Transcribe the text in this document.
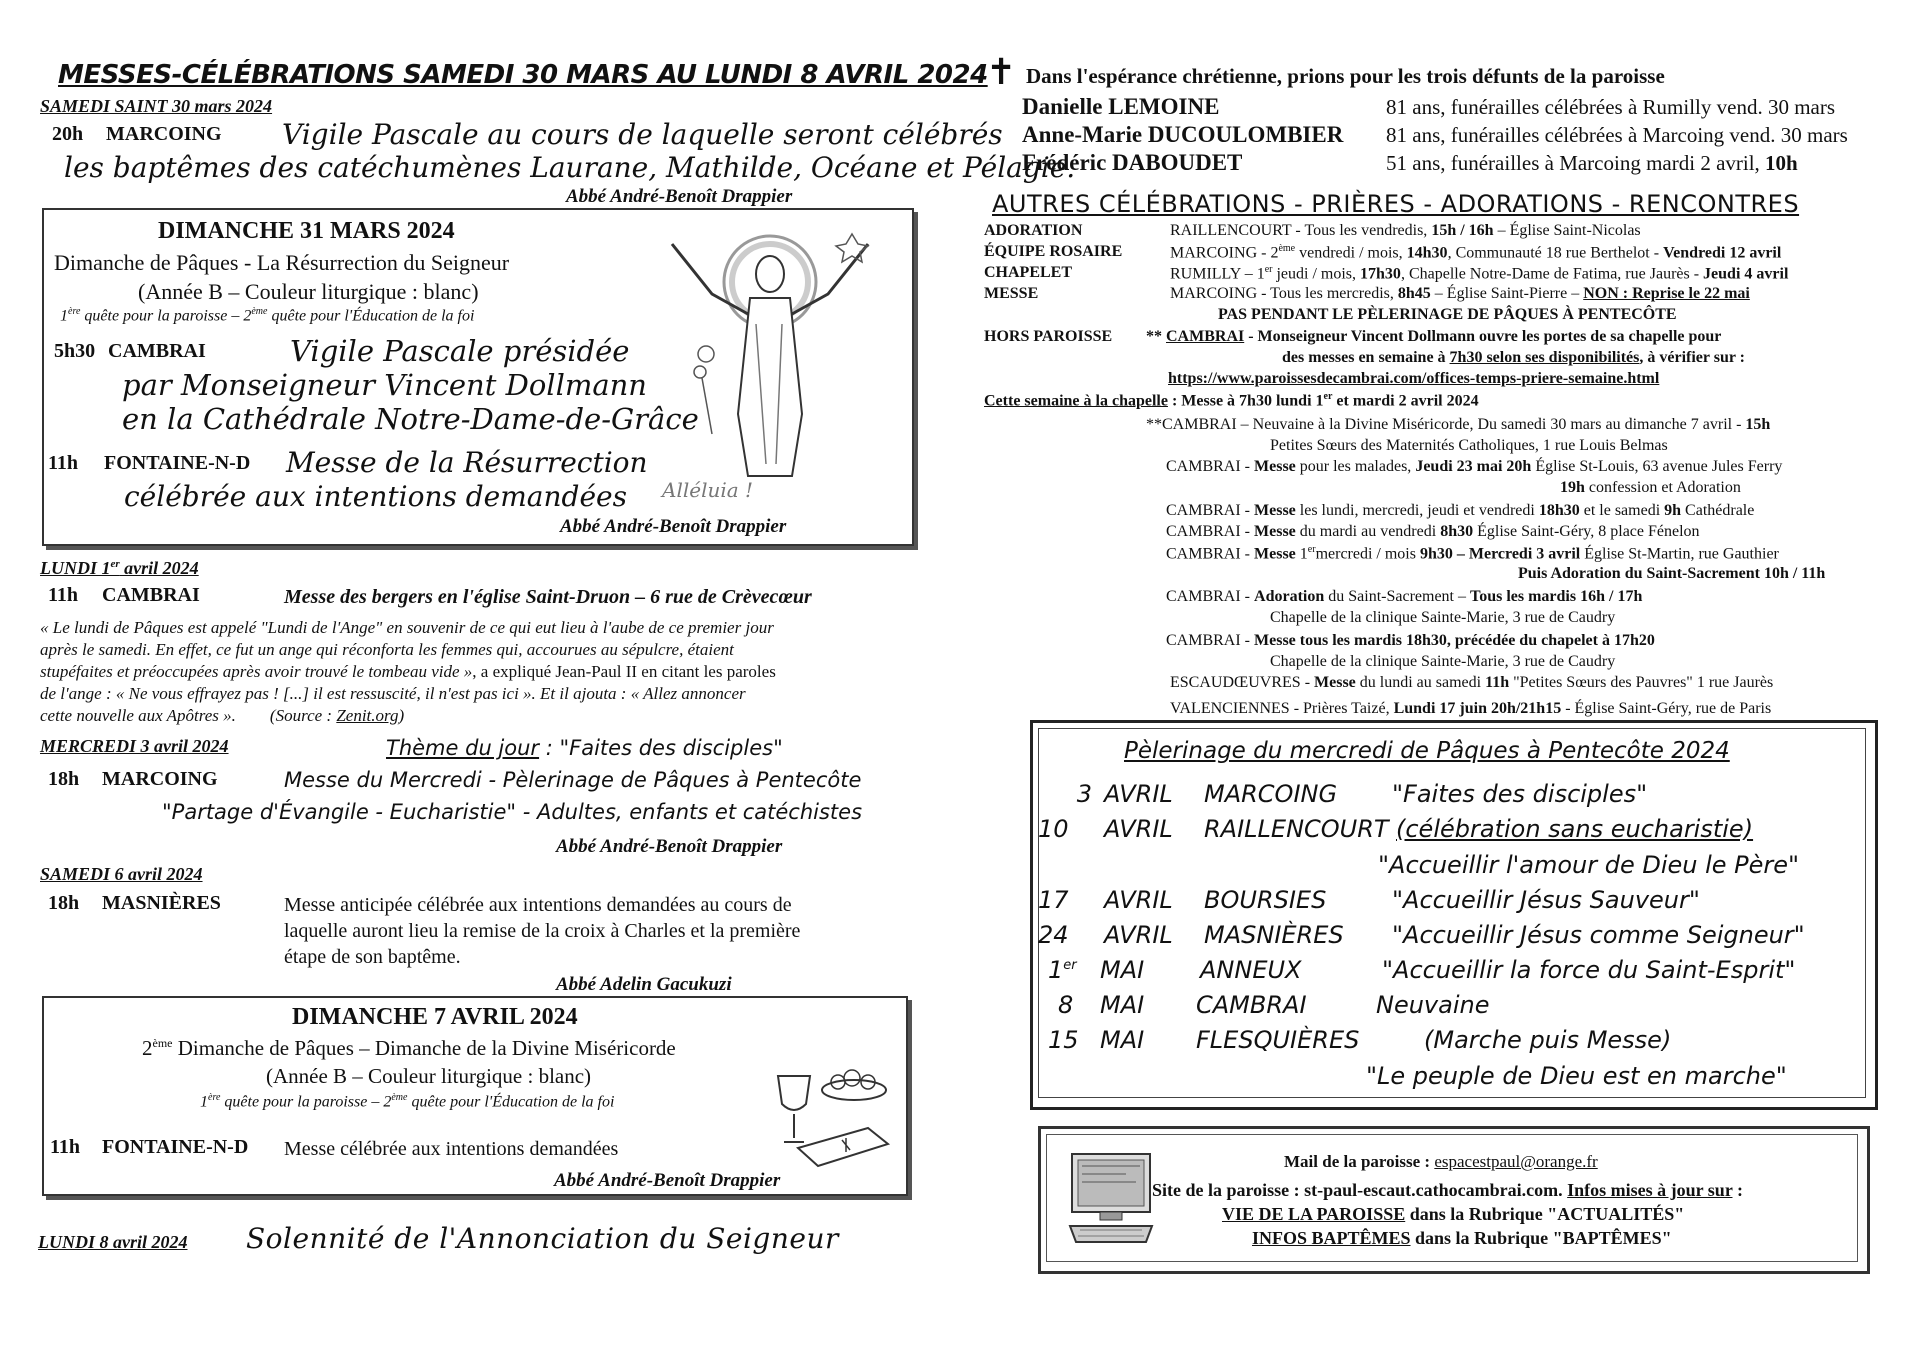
MESSES-CÉLÉBRATIONS SAMEDI 30 MARS AU LUNDI 8 AVRIL 2024
SAMEDI SAINT 30 mars 2024
20h MARCOING Vigile Pascale au cours de laquelle seront célébrés
les baptêmes des catéchumènes Laurane, Mathilde, Océane et Pélagie.
Abbé André-Benoît Drappier
DIMANCHE 31 MARS 2024
Dimanche de Pâques - La Résurrection du Seigneur
(Année B – Couleur liturgique : blanc)
1ère quête pour la paroisse – 2ème quête pour l'Éducation de la foi
5h30 CAMBRAI	Vigile Pascale présidée
par Monseigneur Vincent Dollmann
en la Cathédrale Notre-Dame-de-Grâce
11h FONTAINE-N-D Messe de la Résurrection
célébrée aux intentions demandées
Abbé André-Benoît Drappier
Alléluia !
LUNDI 1er avril 2024
11h CAMBRAI	Messe des bergers en l'église Saint-Druon – 6 rue de Crèvecœur
« Le lundi de Pâques est appelé "Lundi de l'Ange" en souvenir de ce qui eut lieu à l'aube de ce premier jour
après le samedi. En effet, ce fut un ange qui réconforta les femmes qui, accourues au sépulcre, étaient
stupéfaites et préoccupées après avoir trouvé le tombeau vide », a expliqué Jean-Paul II en citant les paroles
de l'ange : « Ne vous effrayez pas ! [...] il est ressuscité, il n'est pas ici ». Et il ajouta : « Allez annoncer
cette nouvelle aux Apôtres ». (Source : Zenit.org)
MERCREDI 3 avril 2024	Thème du jour : "Faites des disciples"
18h MARCOING	Messe du Mercredi - Pèlerinage de Pâques à Pentecôte
"Partage d'Évangile - Eucharistie" - Adultes, enfants et catéchistes
Abbé André-Benoît Drappier
SAMEDI 6 avril 2024
18h MASNIÈRES	Messe anticipée célébrée aux intentions demandées au cours de
laquelle auront lieu la remise de la croix à Charles et la première
étape de son baptême.
Abbé Adelin Gacukuzi
DIMANCHE 7 AVRIL 2024
2ème Dimanche de Pâques – Dimanche de la Divine Miséricorde
(Année B – Couleur liturgique : blanc)
1ère quête pour la paroisse – 2ème quête pour l'Éducation de la foi
11h FONTAINE-N-D Messe célébrée aux intentions demandées
Abbé André-Benoît Drappier
LUNDI 8 avril 2024 Solennité de l'Annonciation du Seigneur
✝ Dans l'espérance chrétienne, prions pour les trois défunts de la paroisse
Danielle LEMOINE	81 ans, funérailles célébrées à Rumilly vend. 30 mars
Anne-Marie DUCOULOMBIER 81 ans, funérailles célébrées à Marcoing vend. 30 mars
Frédéric DABOUDET	51 ans, funérailles à Marcoing mardi 2 avril, 10h
AUTRES CÉLÉBRATIONS - PRIÈRES - ADORATIONS - RENCONTRES
ADORATION	RAILLENCOURT - Tous les vendredis, 15h / 16h – Église Saint-Nicolas
ÉQUIPE ROSAIRE	MARCOING - 2ème vendredi / mois, 14h30, Communauté 18 rue Berthelot - Vendredi 12 avril
CHAPELET	RUMILLY – 1er jeudi / mois, 17h30, Chapelle Notre-Dame de Fatima, rue Jaurès - Jeudi 4 avril
MESSE	MARCOING - Tous les mercredis, 8h45 – Église Saint-Pierre – NON : Reprise le 22 mai
PAS PENDANT LE PÈLERINAGE DE PÂQUES À PENTECÔTE
HORS PAROISSE ** CAMBRAI - Monseigneur Vincent Dollmann ouvre les portes de sa chapelle pour
des messes en semaine à 7h30 selon ses disponibilités, à vérifier sur :
https://www.paroissesdecambrai.com/offices-temps-priere-semaine.html
Cette semaine à la chapelle : Messe à 7h30 lundi 1er et mardi 2 avril 2024
**CAMBRAI – Neuvaine à la Divine Miséricorde, Du samedi 30 mars au dimanche 7 avril - 15h
Petites Sœurs des Maternités Catholiques, 1 rue Louis Belmas
CAMBRAI - Messe pour les malades, Jeudi 23 mai 20h Église St-Louis, 63 avenue Jules Ferry
19h confession et Adoration
CAMBRAI - Messe les lundi, mercredi, jeudi et vendredi 18h30 et le samedi 9h Cathédrale
CAMBRAI - Messe du mardi au vendredi 8h30 Église Saint-Géry, 8 place Fénelon
CAMBRAI - Messe 1ermercredi / mois 9h30 – Mercredi 3 avril Église St-Martin, rue Gauthier
Puis Adoration du Saint-Sacrement 10h / 11h
CAMBRAI - Adoration du Saint-Sacrement – Tous les mardis 16h / 17h
Chapelle de la clinique Sainte-Marie, 3 rue de Caudry
CAMBRAI - Messe tous les mardis 18h30, précédée du chapelet à 17h20
Chapelle de la clinique Sainte-Marie, 3 rue de Caudry
ESCAUDŒUVRES - Messe du lundi au samedi 11h "Petites Sœurs des Pauvres" 1 rue Jaurès
VALENCIENNES - Prières Taizé, Lundi 17 juin 20h/21h15 - Église Saint-Géry, rue de Paris
Pèlerinage du mercredi de Pâques à Pentecôte 2024
3 AVRIL MARCOING "Faites des disciples"
10 AVRIL RAILLENCOURT (célébration sans eucharistie)
"Accueillir l'amour de Dieu le Père"
17 AVRIL BOURSIES	"Accueillir Jésus Sauveur"
24 AVRIL MASNIÈRES "Accueillir Jésus comme Seigneur"
1er MAI ANNEUX	"Accueillir la force du Saint-Esprit"
8 MAI CAMBRAI	Neuvaine
15 MAI FLESQUIÈRES	(Marche puis Messe)
"Le peuple de Dieu est en marche"
Mail de la paroisse : espacestpaul@orange.fr
Site de la paroisse : st-paul-escaut.cathocambrai.com. Infos mises à jour sur :
VIE DE LA PAROISSE dans la Rubrique "ACTUALITÉS"
INFOS BAPTÊMES dans la Rubrique "BAPTÊMES"
